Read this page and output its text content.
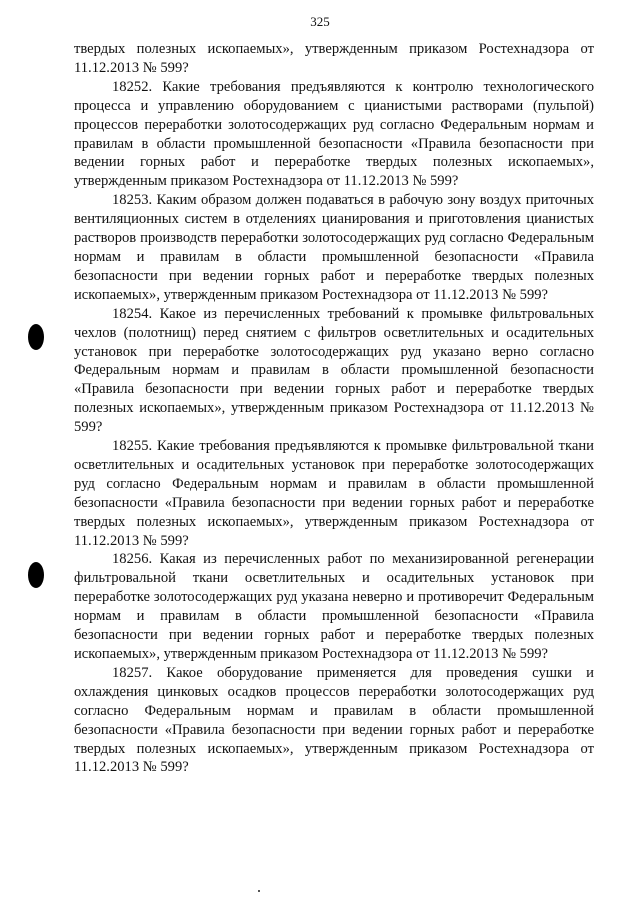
325

твердых полезных ископаемых», утвержденным приказом Ростехнадзора от 11.12.2013 № 599?

18252. Какие требования предъявляются к контролю технологического процесса и управлению оборудованием с цианистыми растворами (пульпой) процессов переработки золотосодержащих руд согласно Федеральным нормам и правилам в области промышленной безопасности «Правила безопасности при ведении горных работ и переработке твердых полезных ископаемых», утвержденным приказом Ростехнадзора от 11.12.2013 № 599?

18253. Каким образом должен подаваться в рабочую зону воздух приточных вентиляционных систем в отделениях цианирования и приготовления цианистых растворов производств переработки золотосодержащих руд согласно Федеральным нормам и правилам в области промышленной безопасности «Правила безопасности при ведении горных работ и переработке твердых полезных ископаемых», утвержденным приказом Ростехнадзора от 11.12.2013 № 599?

18254. Какое из перечисленных требований к промывке фильтровальных чехлов (полотнищ) перед снятием с фильтров осветлительных и осадительных установок при переработке золотосодержащих руд указано верно согласно Федеральным нормам и правилам в области промышленной безопасности «Правила безопасности при ведении горных работ и переработке твердых полезных ископаемых», утвержденным приказом Ростехнадзора от 11.12.2013 № 599?

18255. Какие требования предъявляются к промывке фильтровальной ткани осветлительных и осадительных установок при переработке золотосодержащих руд согласно Федеральным нормам и правилам в области промышленной безопасности «Правила безопасности при ведении горных работ и переработке твердых полезных ископаемых», утвержденным приказом Ростехнадзора от 11.12.2013 № 599?

18256. Какая из перечисленных работ по механизированной регенерации фильтровальной ткани осветлительных и осадительных установок при переработке золотосодержащих руд указана неверно и противоречит Федеральным нормам и правилам в области промышленной безопасности «Правила безопасности при ведении горных работ и переработке твердых полезных ископаемых», утвержденным приказом Ростехнадзора от 11.12.2013 № 599?

18257. Какое оборудование применяется для проведения сушки и охлаждения цинковых осадков процессов переработки золотосодержащих руд согласно Федеральным нормам и правилам в области промышленной безопасности «Правила безопасности при ведении горных работ и переработке твердых полезных ископаемых», утвержденным приказом Ростехнадзора от 11.12.2013 № 599?
